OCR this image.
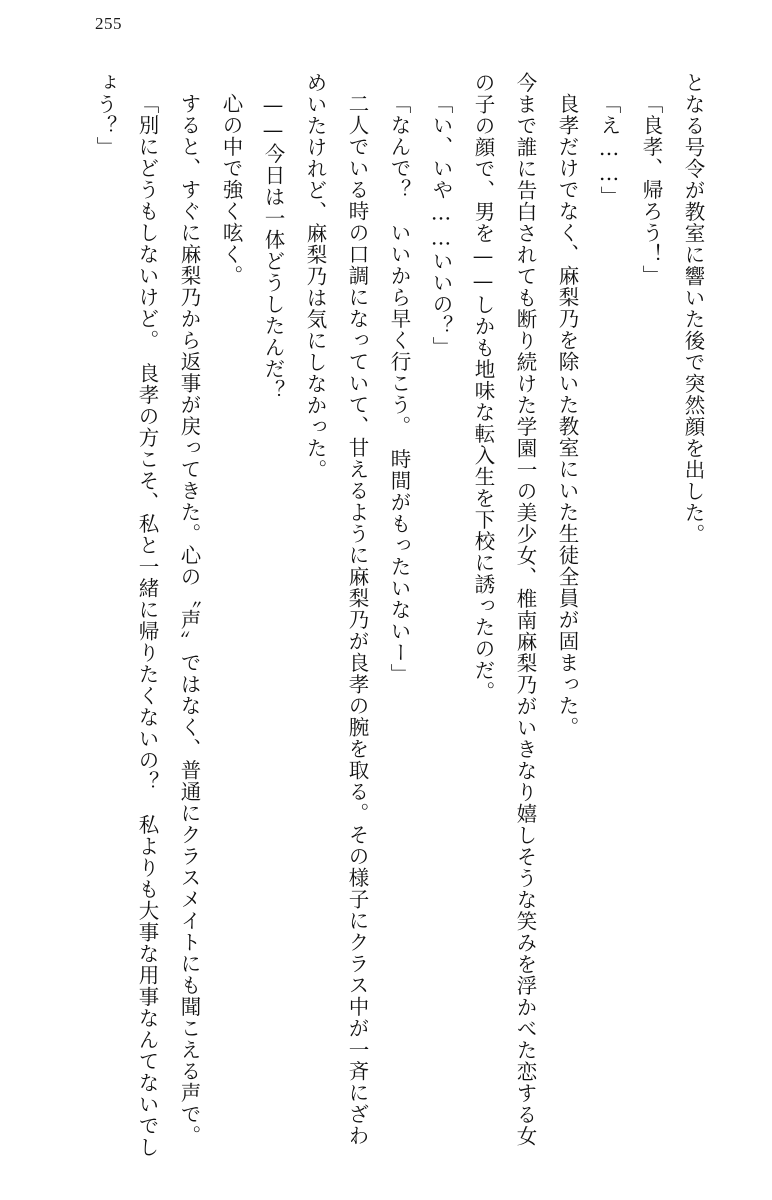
255

となる号令が教室に響いた後で突然顔を出した。

「良孝、帰ろう！」

「え……」

良孝だけでなく、麻梨乃を除いた教室にいた生徒全員が固まった。

今まで誰に告白されても断り続けた学園一の美少女、椎南麻梨乃がいきなり嬉しそうな笑みを浮かべた恋する女の子の顔で、男を——しかも地味な転入生を下校に誘ったのだ。

「い、いや……いいの？」

「なんで？　いいから早く行こう。　時間がもったいないー」

二人でいる時の口調になっていて、甘えるように麻梨乃が良孝の腕を取る。その様子にクラス中が一斉にざわめいたけれど、麻梨乃は気にしなかった。

——今日は一体どうしたんだ？

心の中で強く呟く。

すると、すぐに麻梨乃から返事が戻ってきた。心の〝声〟ではなく、普通にクラスメイトにも聞こえる声で。

「別にどうもしないけど。　良孝の方こそ、私と一緒に帰りたくないの？　私よりも大事な用事なんてないでしょう？」
